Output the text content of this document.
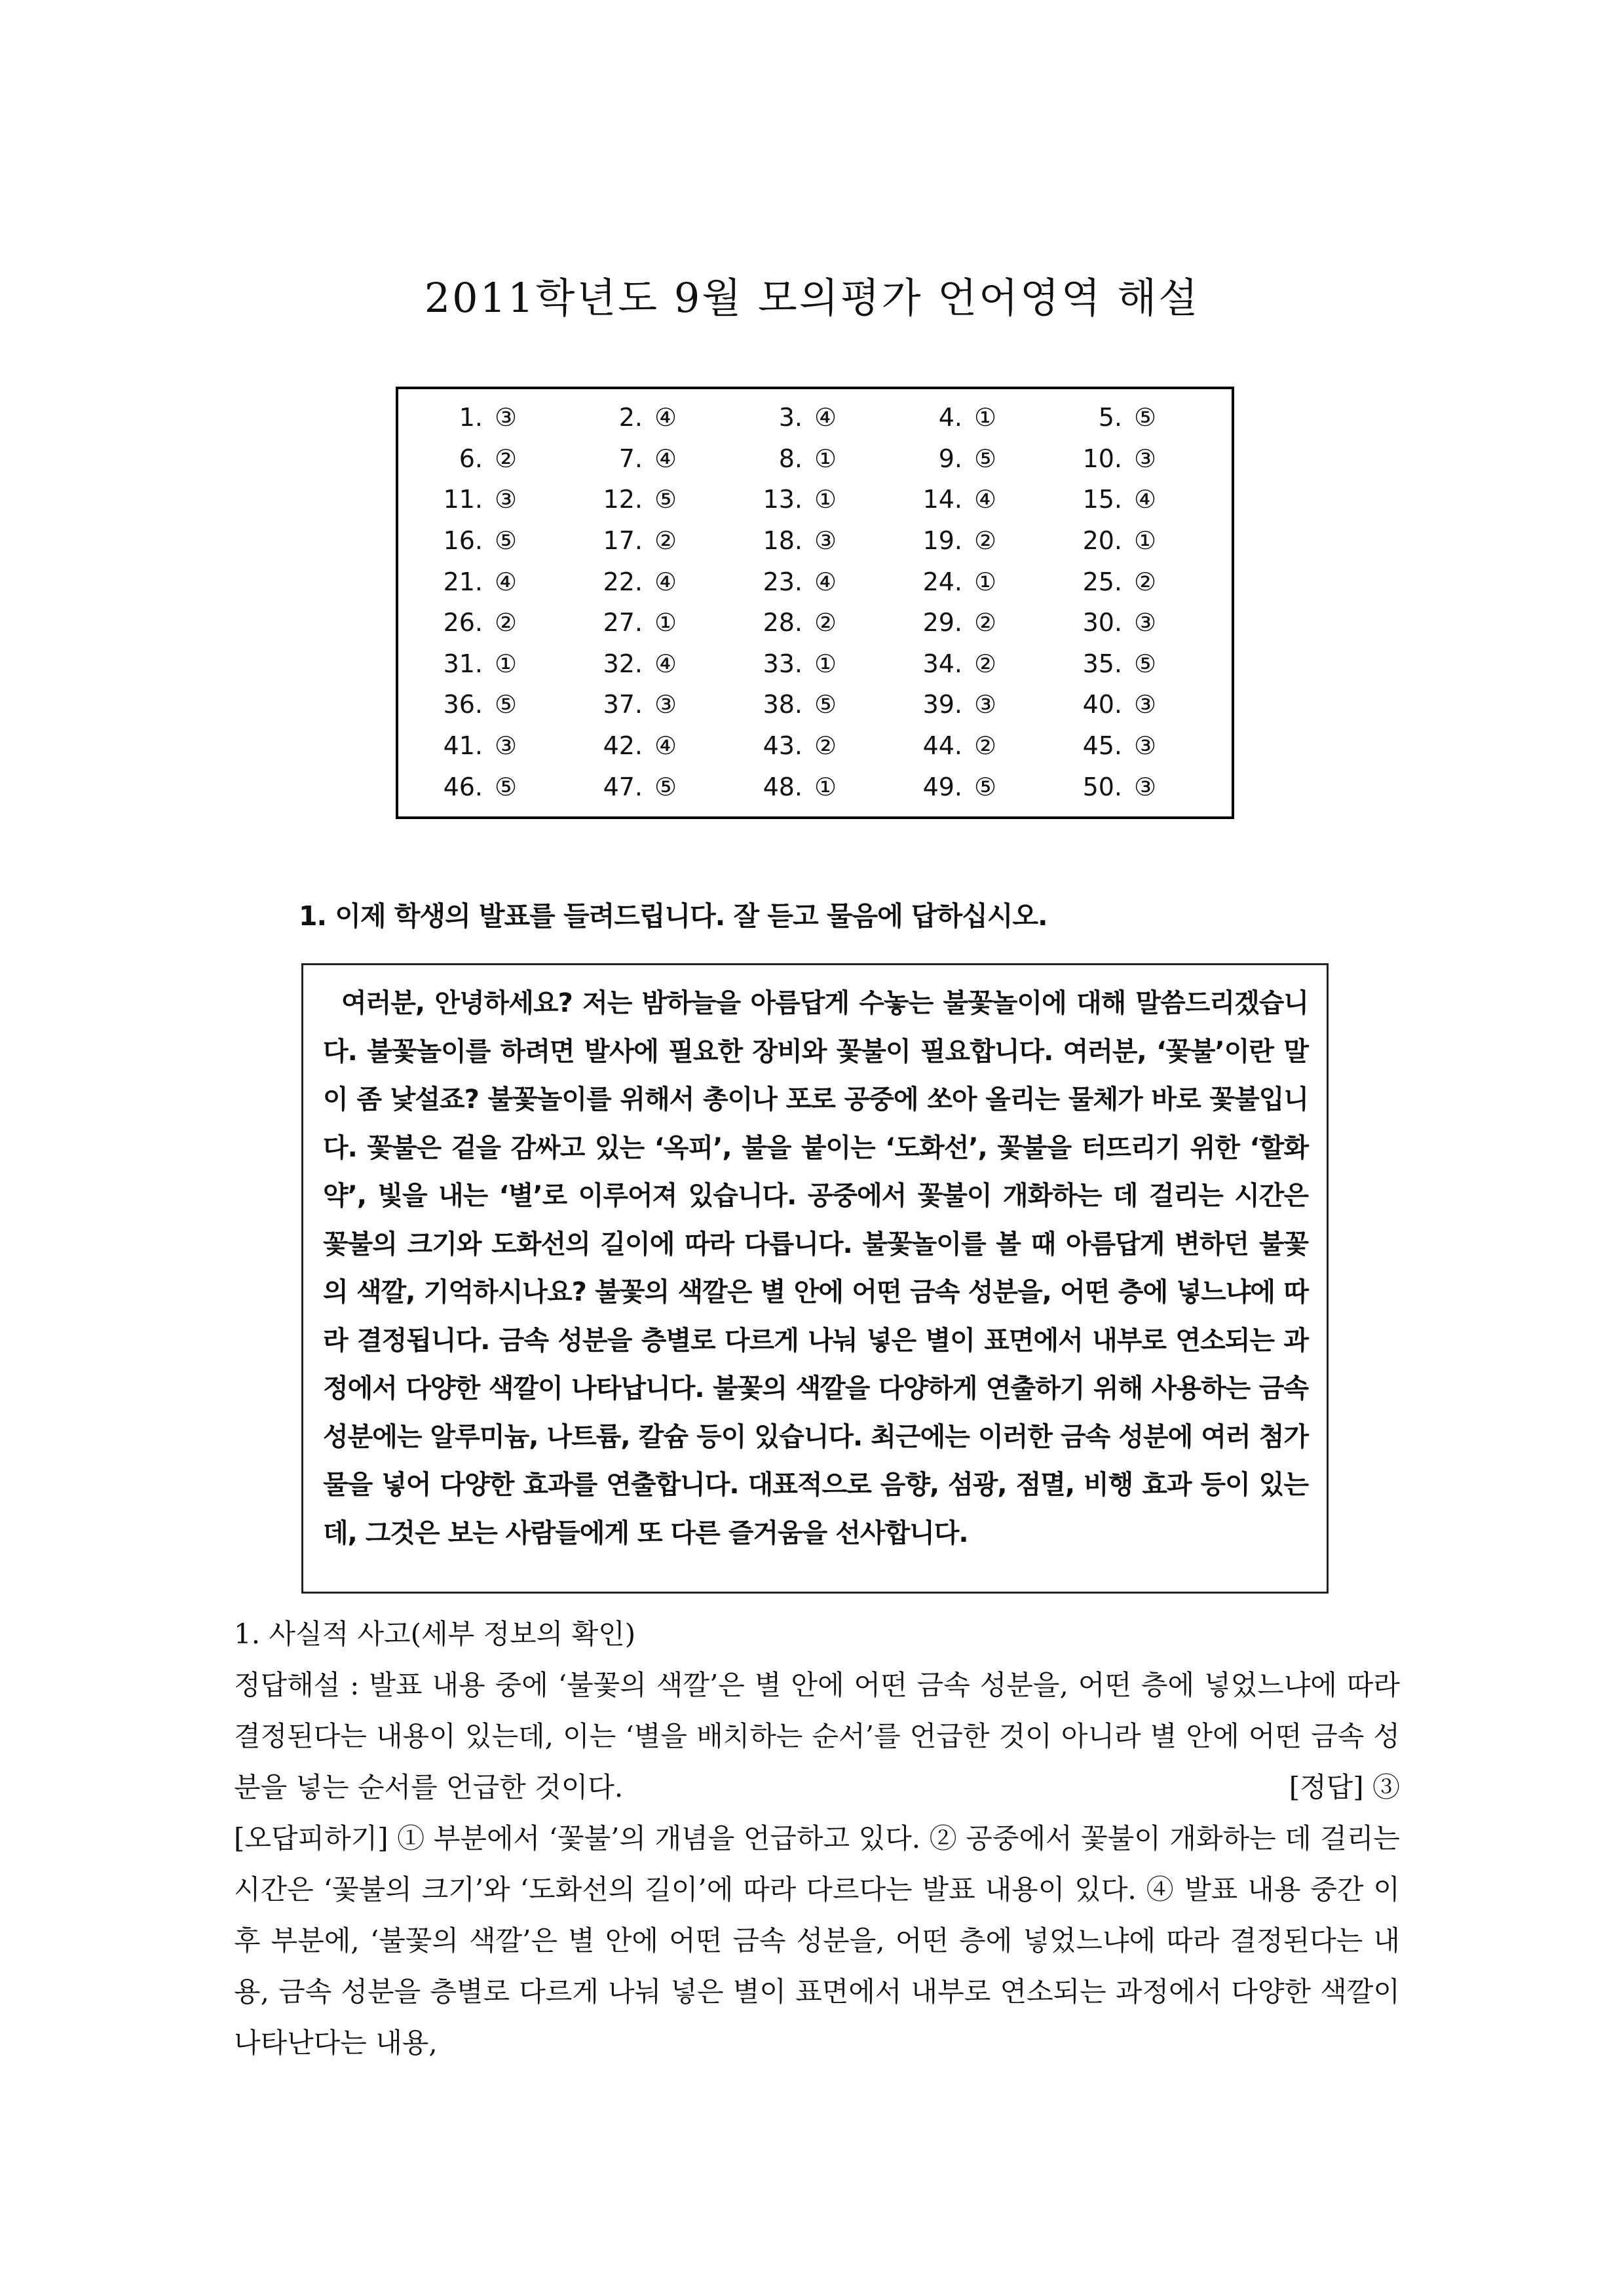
2011학년도 9월 모의평가 언어영역 해설
1. ③	2. ④	3. ④	4. ①	5. ⑤
6. ②	7. ④	8. ①	9. ⑤	10. ③
11. ③	12. ⑤	13. ①	14. ④	15. ④
16. ⑤	17. ②	18. ③	19. ②	20. ①
21. ④	22. ④	23. ④	24. ①	25. ②
26. ②	27. ①	28. ②	29. ②	30. ③
31. ①	32. ④	33. ①	34. ②	35. ⑤
36. ⑤	37. ③	38. ⑤	39. ③	40. ③
41. ③	42. ④	43. ②	44. ②	45. ③
46. ⑤	47. ⑤	48. ①	49. ⑤	50. ③
1. 이제 학생의 발표를 들려드립니다. 잘 듣고 물음에 답하십시오.
여러분, 안녕하세요? 저는 밤하늘을 아름답게 수놓는 불꽃놀이에 대해 말씀드리겠습니다. 불꽃놀이를 하려면 발사에 필요한 장비와 꽃불이 필요합니다. 여러분, ‘꽃불’이란 말이 좀 낯설죠? 불꽃놀이를 위해서 총이나 포로 공중에 쏘아 올리는 물체가 바로 꽃불입니다. 꽃불은 겉을 감싸고 있는 ‘옥피’, 불을 붙이는 ‘도화선’, 꽃불을 터뜨리기 위한 ‘할화약’, 빛을 내는 ‘별’로 이루어져 있습니다. 공중에서 꽃불이 개화하는 데 걸리는 시간은 꽃불의 크기와 도화선의 길이에 따라 다릅니다. 불꽃놀이를 볼 때 아름답게 변하던 불꽃의 색깔, 기억하시나요? 불꽃의 색깔은 별 안에 어떤 금속 성분을, 어떤 층에 넣느냐에 따라 결정됩니다. 금속 성분을 층별로 다르게 나눠 넣은 별이 표면에서 내부로 연소되는 과정에서 다양한 색깔이 나타납니다. 불꽃의 색깔을 다양하게 연출하기 위해 사용하는 금속 성분에는 알루미늄, 나트륨, 칼슘 등이 있습니다. 최근에는 이러한 금속 성분에 여러 첨가물을 넣어 다양한 효과를 연출합니다. 대표적으로 음향, 섬광, 점멸, 비행 효과 등이 있는데, 그것은 보는 사람들에게 또 다른 즐거움을 선사합니다.

1. 사실적 사고(세부 정보의 확인)

정답해설 : 발표 내용 중에 ‘불꽃의 색깔’은 별 안에 어떤 금속 성분을, 어떤 층에 넣었느냐에 따라 결정된다는 내용이 있는데, 이는 ‘별을 배치하는 순서’를 언급한 것이 아니라 별 안에 어떤 금속 성분을 넣는 순서를 언급한 것이다.	[정답] ③

[오답피하기] ① 부분에서 ‘꽃불’의 개념을 언급하고 있다. ② 공중에서 꽃불이 개화하는 데 걸리는 시간은 ‘꽃불의 크기’와 ‘도화선의 길이’에 따라 다르다는 발표 내용이 있다. ④ 발표 내용 중간 이후 부분에, ‘불꽃의 색깔’은 별 안에 어떤 금속 성분을, 어떤 층에 넣었느냐에 따라 결정된다는 내용, 금속 성분을 층별로 다르게 나눠 넣은 별이 표면에서 내부로 연소되는 과정에서 다양한 색깔이 나타난다는 내용,
